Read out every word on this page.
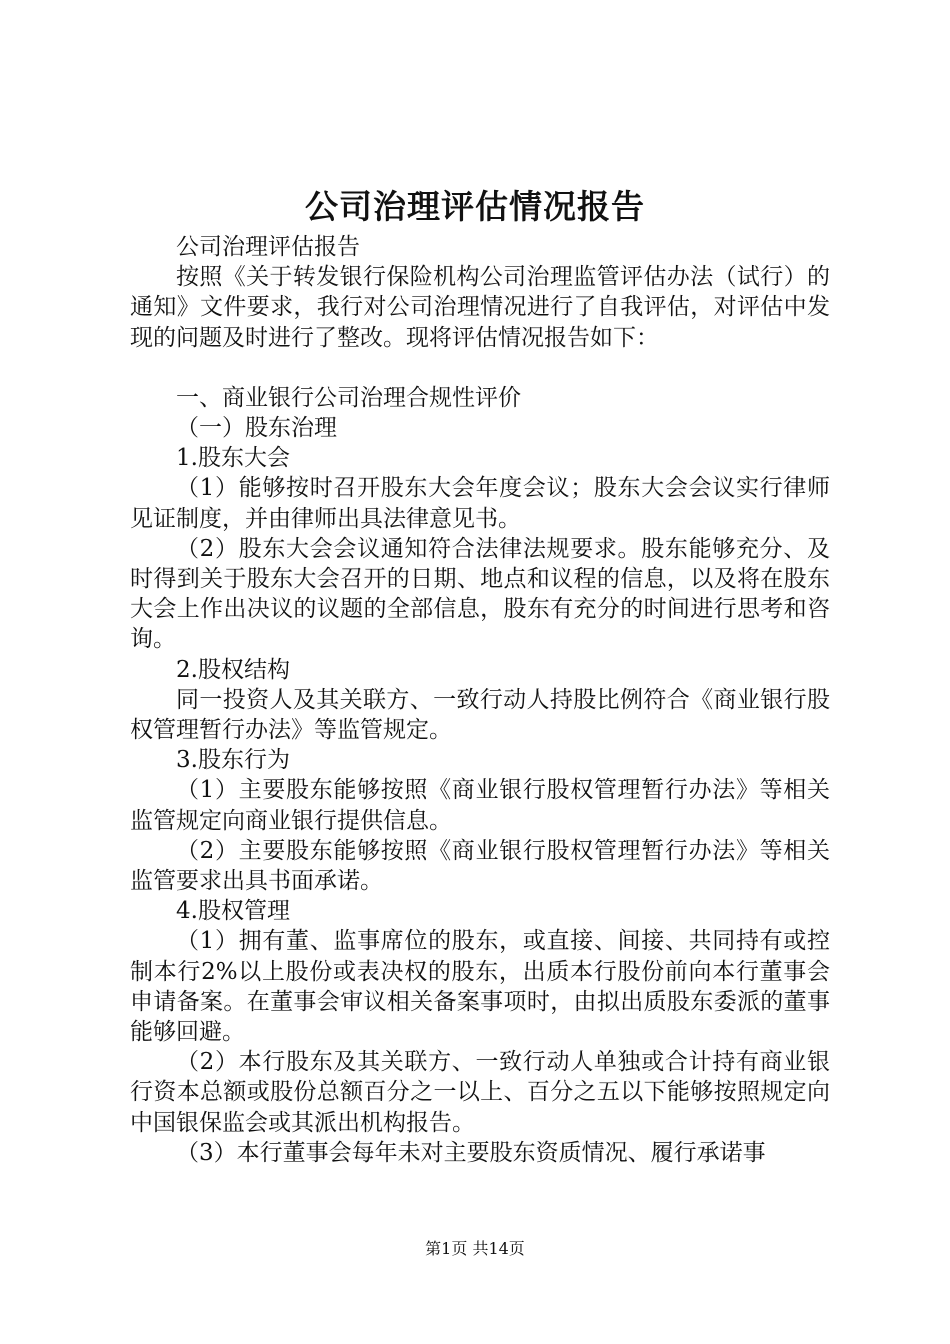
公司治理评估情况报告

公司治理评估报告

按照《关于转发银行保险机构公司治理监管评估办法（试行）的通知》文件要求，我行对公司治理情况进行了自我评估，对评估中发现的问题及时进行了整改。现将评估情况报告如下：

一、商业银行公司治理合规性评价

（一）股东治理

1.股东大会

（1）能够按时召开股东大会年度会议；股东大会会议实行律师见证制度，并由律师出具法律意见书。

（2）股东大会会议通知符合法律法规要求。股东能够充分、及时得到关于股东大会召开的日期、地点和议程的信息，以及将在股东大会上作出决议的议题的全部信息，股东有充分的时间进行思考和咨询。

2.股权结构

同一投资人及其关联方、一致行动人持股比例符合《商业银行股权管理暂行办法》等监管规定。

3.股东行为

（1）主要股东能够按照《商业银行股权管理暂行办法》等相关监管规定向商业银行提供信息。

（2）主要股东能够按照《商业银行股权管理暂行办法》等相关监管要求出具书面承诺。

4.股权管理

（1）拥有董、监事席位的股东，或直接、间接、共同持有或控制本行2%以上股份或表决权的股东，出质本行股份前向本行董事会申请备案。在董事会审议相关备案事项时，由拟出质股东委派的董事能够回避。

（2）本行股东及其关联方、一致行动人单独或合计持有商业银行资本总额或股份总额百分之一以上、百分之五以下能够按照规定向中国银保监会或其派出机构报告。

（3）本行董事会每年未对主要股东资质情况、履行承诺事

第1页 共14页
